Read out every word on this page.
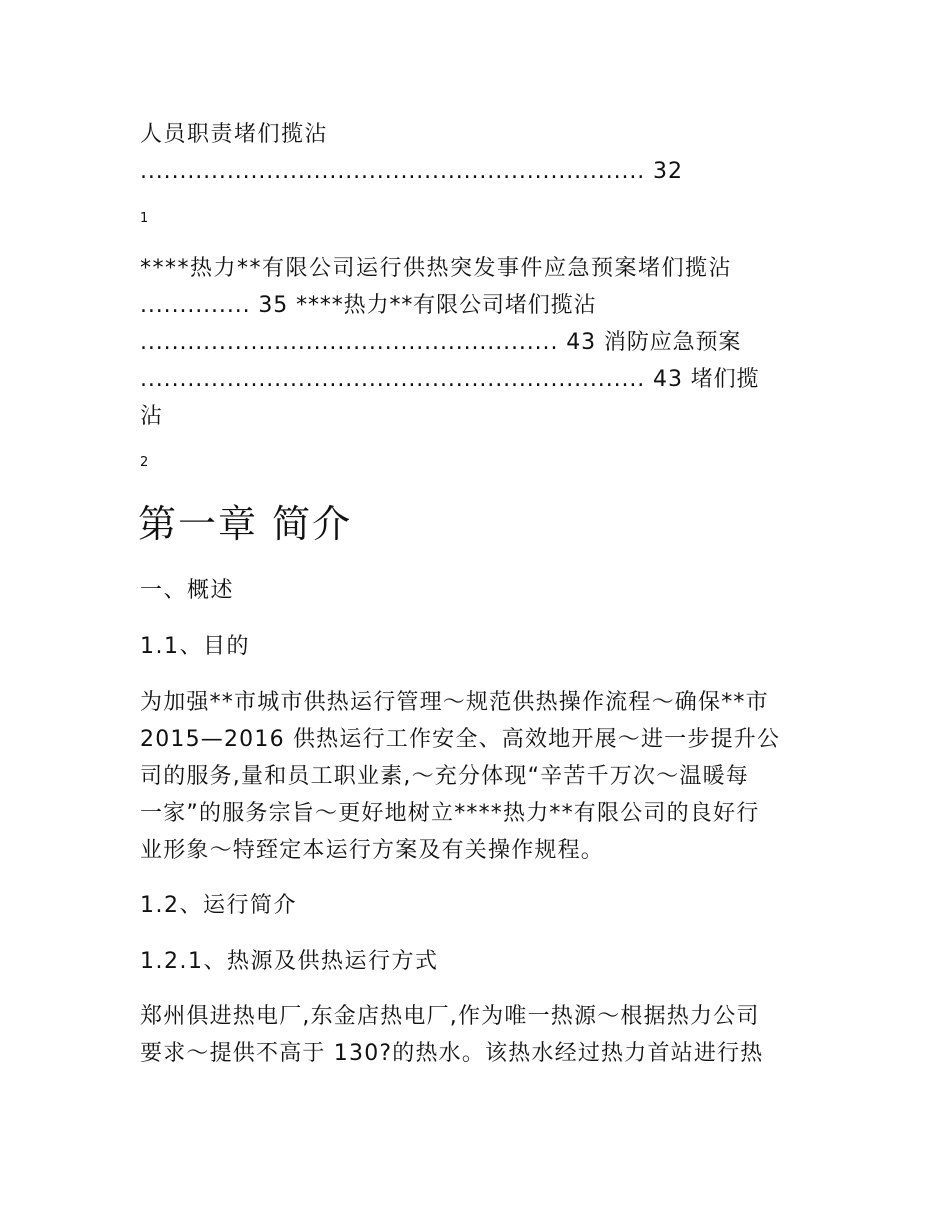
人员职责堵们揽沾
................................................................ 32
1
****热力**有限公司运行供热突发事件应急预案堵们揽沾
.............. 35 ****热力**有限公司堵们揽沾
..................................................... 43 消防应急预案
................................................................ 43 堵们揽
沾
2
第一章 简介
一、概述
1.1、目的
为加强**市城市供热运行管理～规范供热操作流程～确保**市
2015—2016 供热运行工作安全、高效地开展～进一步提升公
司的服务,量和员工职业素,～充分体现“辛苦千万次～温暖每
一家”的服务宗旨～更好地树立****热力**有限公司的良好行
业形象～特臸定本运行方案及有关操作规程。
1.2、运行简介
1.2.1、热源及供热运行方式
郑州俱进热电厂,东金店热电厂,作为唯一热源～根据热力公司
要求～提供不高于 130?的热水。该热水经过热力首站进行热
